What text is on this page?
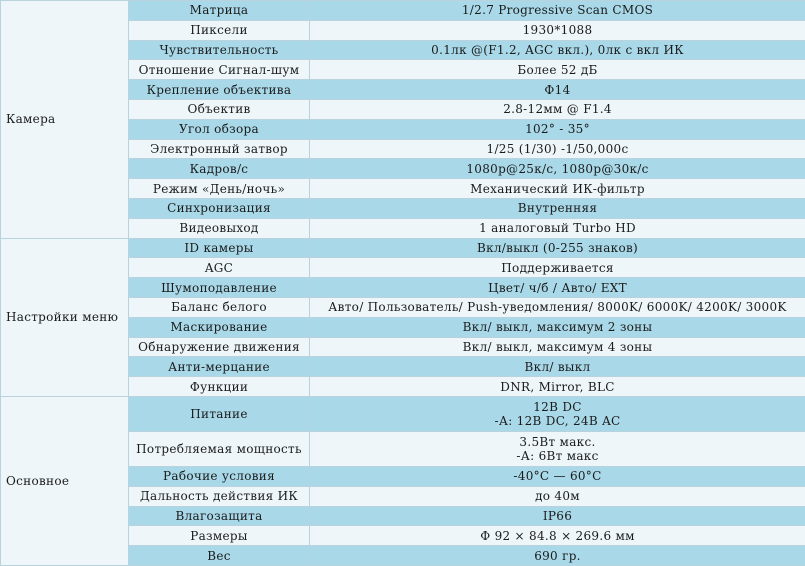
Камера	Матрица	1/2.7 Progressive Scan CMOS

	Пиксели	1930*1088

	Чувствительность	0.1лк @(F1.2, AGC вкл.), 0лк с вкл ИК

	Отношение Сигнал-шум	Более 52 дБ

	Крепление объектива	Ф14

	Объектив	2.8-12мм @ F1.4

	Угол обзора	102° - 35°

	Электронный затвор	1/25 (1/30) -1/50,000с

	Кадров/с	1080p@25к/с, 1080p@30к/с

	Режим «День/ночь»	Механический ИК-фильтр

	Синхронизация	Внутренняя

	Видеовыход	1 аналоговый Turbo HD

Настройки меню	ID камеры	Вкл/выкл (0-255 знаков)

	AGC	Поддерживается

	Шумоподавление	Цвет/ ч/б / Авто/ EXT

	Баланс белого	Авто/ Пользователь/ Push-уведомления/ 8000K/ 6000K/ 4200K/ 3000K

	Маскирование	Вкл/ выкл, максимум 2 зоны

	Обнаружение движения	Вкл/ выкл, максимум 4 зоны

	Анти-мерцание	Вкл/ выкл

	Функции	DNR, Mirror, BLC

Основное	Питание	12В DC
-А: 12В DC, 24В AC

	Потребляемая мощность	3.5Вт макс.
-А: 6Вт макс

	Рабочие условия	-40°C — 60°C

	Дальность действия ИК	до 40м

	Влагозащита	IP66

	Размеры	Ф 92 × 84.8 × 269.6 мм

	Вес	690 гр.
